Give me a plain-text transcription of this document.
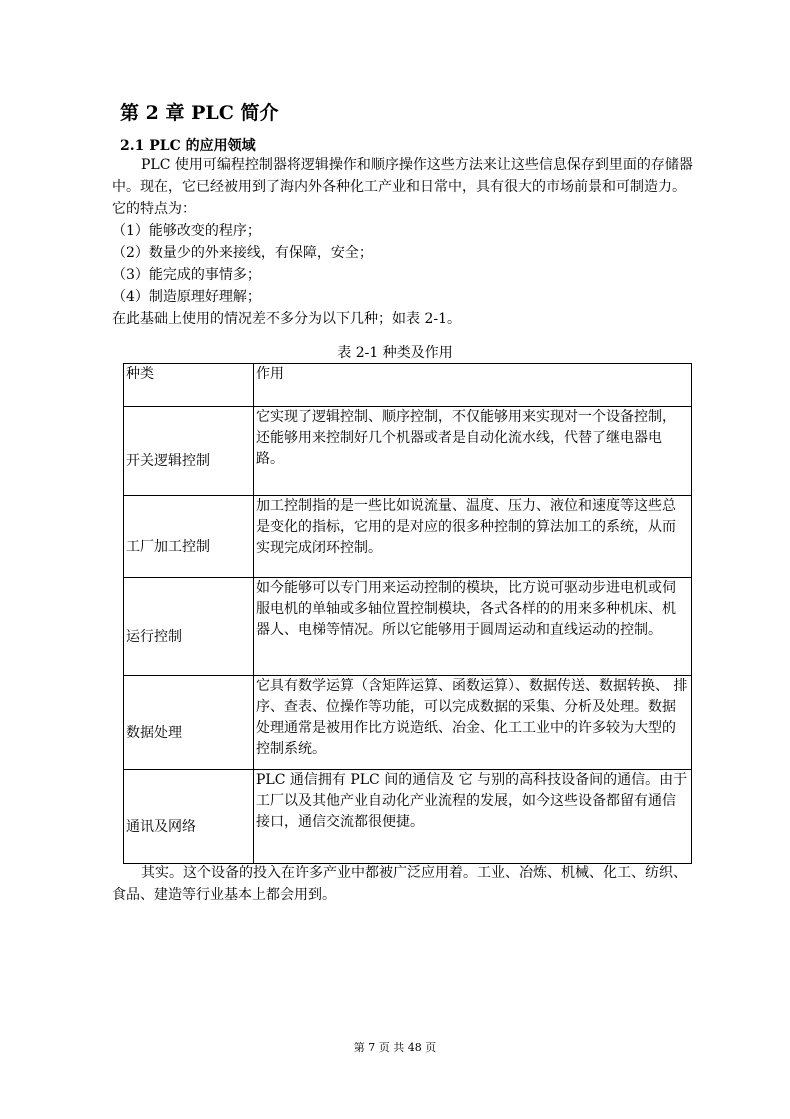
第 2 章 PLC 简介
2.1 PLC 的应用领域

PLC 使用可编程控制器将逻辑操作和顺序操作这些方法来让这些信息保存到里面的存储器中。现在，它已经被用到了海内外各种化工产业和日常中，具有很大的市场前景和可制造力。它的特点为：

（1）能够改变的程序；
（2）数量少的外来接线，有保障，安全；
（3）能完成的事情多；
（4）制造原理好理解；

在此基础上使用的情况差不多分为以下几种；如表 2-1。

表 2-1 种类及作用

种类	作用

开关逻辑控制	它实现了逻辑控制、顺序控制，不仅能够用来实现对一个设备控制，还能够用来控制好几个机器或者是自动化流水线，代替了继电器电路。

工厂加工控制	加工控制指的是一些比如说流量、温度、压力、液位和速度等这些总是变化的指标，它用的是对应的很多种控制的算法加工的系统，从而实现完成闭环控制。

运行控制	如今能够可以专门用来运动控制的模块，比方说可驱动步进电机或伺服电机的单轴或多轴位置控制模块，各式各样的的用来多种机床、机器人、电梯等情况。所以它能够用于圆周运动和直线运动的控制。

数据处理	它具有数学运算（含矩阵运算、函数运算）、数据传送、数据转换、 排序、查表、位操作等功能，可以完成数据的采集、分析及处理。数据处理通常是被用作比方说造纸、冶金、化工工业中的许多较为大型的控制系统。

通讯及网络	PLC 通信拥有 PLC 间的通信及 它 与别的高科技设备间的通信。由于工厂以及其他产业自动化产业流程的发展，如今这些设备都留有通信接口，通信交流都很便捷。

其实。这个设备的投入在许多产业中都被广泛应用着。工业、冶炼、机械、化工、纺织、 食品、建造等行业基本上都会用到。

第 7 页 共 48 页
